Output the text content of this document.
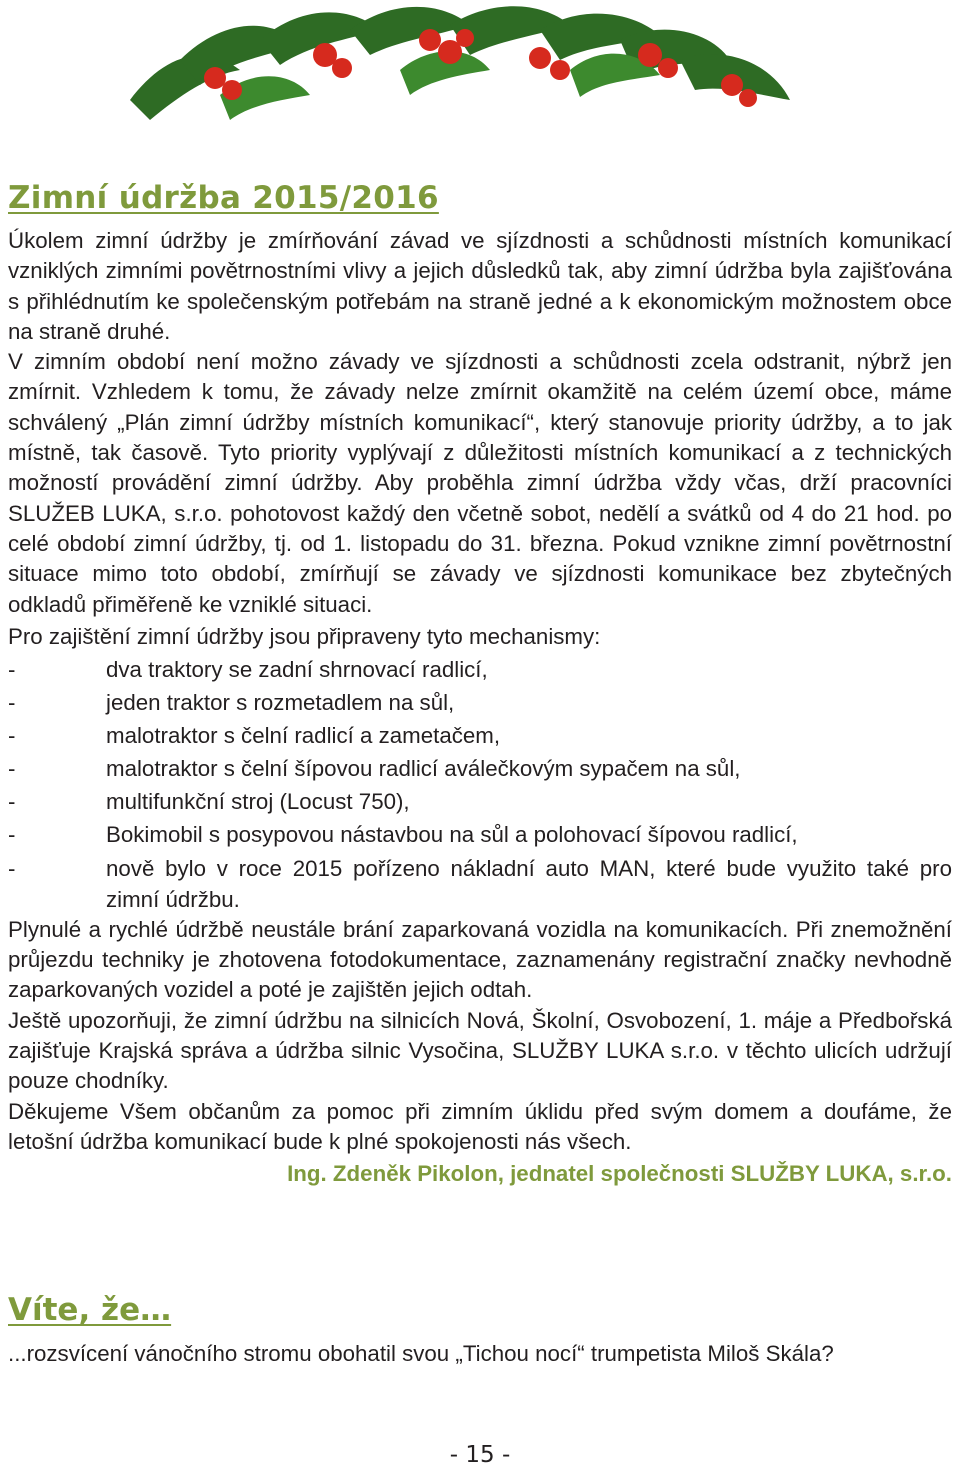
Zimní údržba 2015/2016

Úkolem zimní údržby je zmírňování závad ve sjízdnosti a schůdnosti místních komunikací vzniklých zimními povětrnostními vlivy a jejich důsledků tak, aby zimní údržba byla zajišťována s přihlédnutím ke společenským potřebám na straně jedné a k ekonomickým možnostem obce na straně druhé.

V zimním období není možno závady ve sjízdnosti a schůdnosti zcela odstranit, nýbrž jen zmírnit. Vzhledem k tomu, že závady nelze zmírnit okamžitě na celém území obce, máme schválený „Plán zimní údržby místních komunikací“, který stanovuje priority údržby, a to jak místně, tak časově. Tyto priority vyplývají z důležitosti místních komunikací a z technických možností provádění zimní údržby. Aby proběhla zimní údržba vždy včas, drží pracovníci SLUŽEB LUKA, s.r.o. pohotovost každý den včetně sobot, nedělí a svátků od 4 do 21 hod. po celé období zimní údržby, tj. od 1. listopadu do 31. března. Pokud vznikne zimní povětrnostní situace mimo toto období, zmírňují se závady ve sjízdnosti komunikace bez zbytečných odkladů přiměřeně ke vzniklé situaci.

Pro zajištění zimní údržby jsou připraveny tyto mechanismy:

-	dva traktory se zadní shrnovací radlicí,
-	jeden traktor s rozmetadlem na sůl,
-	malotraktor s čelní radlicí a zametačem,
-	malotraktor s čelní šípovou radlicí aválečkovým sypačem na sůl,
-	multifunkční stroj (Locust 750),
-	Bokimobil s posypovou nástavbou na sůl a polohovací šípovou radlicí,
-	nově bylo v roce 2015 pořízeno nákladní auto MAN, které bude využito také pro zimní údržbu.

Plynulé a rychlé údržbě neustále brání zaparkovaná vozidla na komunikacích. Při znemožnění průjezdu techniky je zhotovena fotodokumentace, zaznamenány registrační značky nevhodně zaparkovaných vozidel a poté je zajištěn jejich odtah.

Ještě upozorňuji, že zimní údržbu na silnicích Nová, Školní, Osvobození, 1. máje a Předbořská zajišťuje Krajská správa a údržba silnic Vysočina, SLUŽBY LUKA s.r.o. v těchto ulicích udržují pouze chodníky.

Děkujeme Všem občanům za pomoc při zimním úklidu před svým domem a doufáme, že letošní údržba komunikací bude k plné spokojenosti nás všech.

Ing. Zdeněk Pikolon, jednatel společnosti SLUŽBY LUKA, s.r.o.
Víte, že…

...rozsvícení vánočního stromu obohatil svou „Tichou nocí“ trumpetista Miloš Skála?

- 15 -
